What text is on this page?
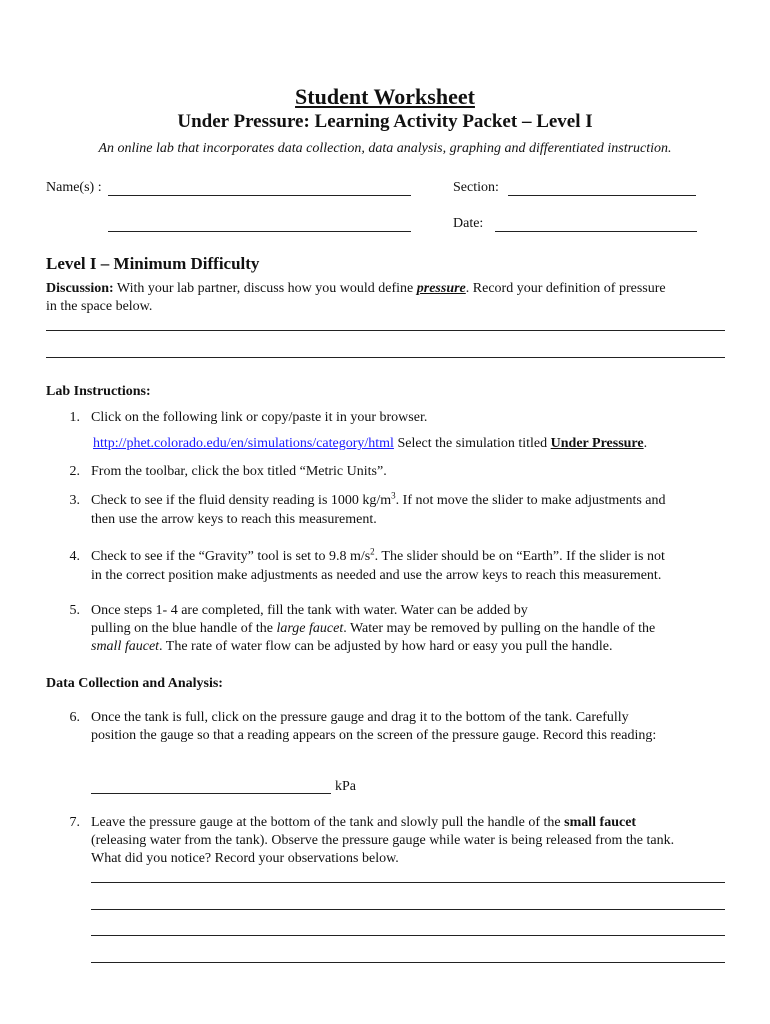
Student Worksheet
Under Pressure: Learning Activity Packet – Level I
An online lab that incorporates data collection, data analysis, graphing and differentiated instruction.
Name(s) :	Section:
Date:
Level I – Minimum Difficulty
Discussion: With your lab partner, discuss how you would define pressure. Record your definition of pressure
in the space below.
Lab Instructions:
1. Click on the following link or copy/paste it in your browser.
http://phet.colorado.edu/en/simulations/category/html Select the simulation titled Under Pressure.
2. From the toolbar, click the box titled “Metric Units”.
3. Check to see if the fluid density reading is 1000 $kg/m^3$. If not move the slider to make adjustments and
then use the arrow keys to reach this measurement.
4. Check to see if the “Gravity” tool is set to 9.8 $m/s^2$. The slider should be on “Earth”. If the slider is not
in the correct position make adjustments as needed and use the arrow keys to reach this measurement.
5. Once steps 1- 4 are completed, fill the tank with water. Water can be added by
pulling on the blue handle of the large faucet. Water may be removed by pulling on the handle of the
small faucet. The rate of water flow can be adjusted by how hard or easy you pull the handle.
Data Collection and Analysis:
6. Once the tank is full, click on the pressure gauge and drag it to the bottom of the tank. Carefully
position the gauge so that a reading appears on the screen of the pressure gauge. Record this reading:
kPa
7. Leave the pressure gauge at the bottom of the tank and slowly pull the handle of the small faucet
(releasing water from the tank). Observe the pressure gauge while water is being released from the tank.
What did you notice? Record your observations below.
